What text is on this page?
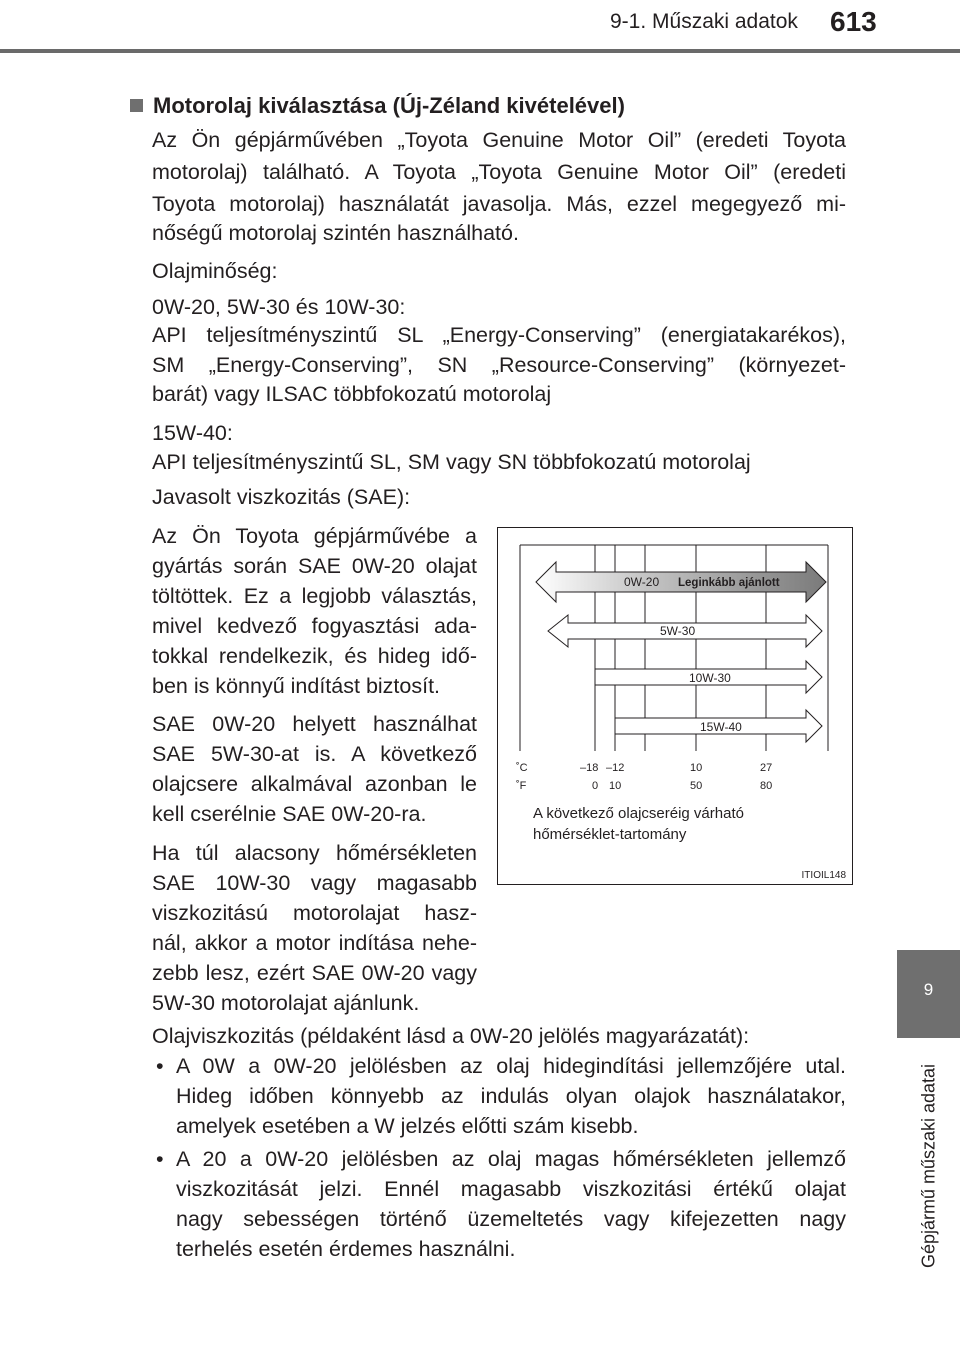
9-1. Műszaki adatok 613
9
Gépjármű műszaki adatai
Motorolaj kiválasztása (Új-Zéland kivételével)
Az Ön gépjárművében „Toyota Genuine Motor Oil” (eredeti Toyota
motorolaj) található. A Toyota „Toyota Genuine Motor Oil” (eredeti
Toyota motorolaj) használatát javasolja. Más, ezzel megegyező mi-
nőségű motorolaj szintén használható.
Olajminőség:
0W-20, 5W-30 és 10W-30:
API teljesítményszintű SL „Energy-Conserving” (energiatakarékos),
SM „Energy-Conserving”, SN „Resource-Conserving” (környezet-
barát) vagy ILSAC többfokozatú motorolaj
15W-40:
API teljesítményszintű SL, SM vagy SN többfokozatú motorolaj
Javasolt viszkozitás (SAE):
Az Ön Toyota gépjárművébe a
gyártás során SAE 0W-20 olajat
töltöttek. Ez a legjobb választás,
mivel kedvező fogyasztási ada-
tokkal rendelkezik, és hideg idő-
ben is könnyű indítást biztosít.
SAE 0W-20 helyett használhat
SAE 5W-30-at is. A következő
olajcsere alkalmával azonban le
kell cserélnie SAE 0W-20-ra.
Ha túl alacsony hőmérsékleten
SAE 10W-30 vagy magasabb
viszkozitású motorolajat hasz-
nál, akkor a motor indítása nehe-
zebb lesz, ezért SAE 0W-20 vagy
5W-30 motorolajat ajánlunk.
0W-20 Leginkább ajánlott
5W-30
10W-30
15W-40
˚C
˚F
–18 –12	10	27
0 10	50	80
A következő olajcseréig várható
hőmérséklet-tartomány
ITIOIL148
Olajviszkozitás (példaként lásd a 0W-20 jelölés magyarázatát):
• A 0W a 0W-20 jelölésben az olaj hidegindítási jellemzőjére utal.
Hideg időben könnyebb az indulás olyan olajok használatakor,
amelyek esetében a W jelzés előtti szám kisebb.
• A 20 a 0W-20 jelölésben az olaj magas hőmérsékleten jellemző
viszkozitását jelzi. Ennél magasabb viszkozitási értékű olajat
nagy sebességen történő üzemeltetés vagy kifejezetten nagy
terhelés esetén érdemes használni.
